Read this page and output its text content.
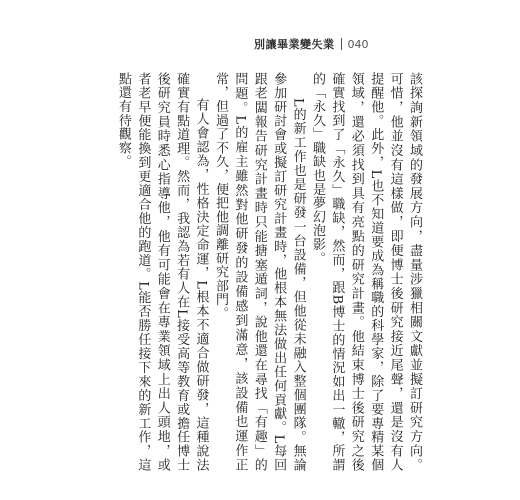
別讓畢業變失業 040

該探詢新領域的發展方向，盡量涉獵相關文獻並擬訂研究方向。可惜，他並沒有這樣做，即便博士後研究接近尾聲，還是沒有人提醒他。此外，L也不知道要成為稱職的科學家，除了要專精某個領域，還必須找到具有亮點的研究計畫。他結束博士後研究之後確實找到了「永久」職缺，然而，跟B博士的情況如出一轍，所謂的「永久」職缺也是夢幻泡影。

L的新工作也是研發一台設備，但他從未融入整個團隊。無論參加研討會或擬訂研究計畫時，他根本無法做出任何貢獻。L每回跟老闆報告研究計畫時只能搪塞遁詞，說他還在尋找「有趣」的問題。L的雇主雖然對他研發的設備感到滿意，該設備也運作正常，但過了不久，便把他調離研究部門。

有人會認為，性格決定命運，L根本不適合做研發，這種說法確實有點道理。然而，我認為若有人在L接受高等教育或擔任博士後研究員時悉心指導他，他有可能會在專業領域上出人頭地，或者老早便能換到更適合他的跑道。L能否勝任接下來的新工作，這點還有待觀察。
